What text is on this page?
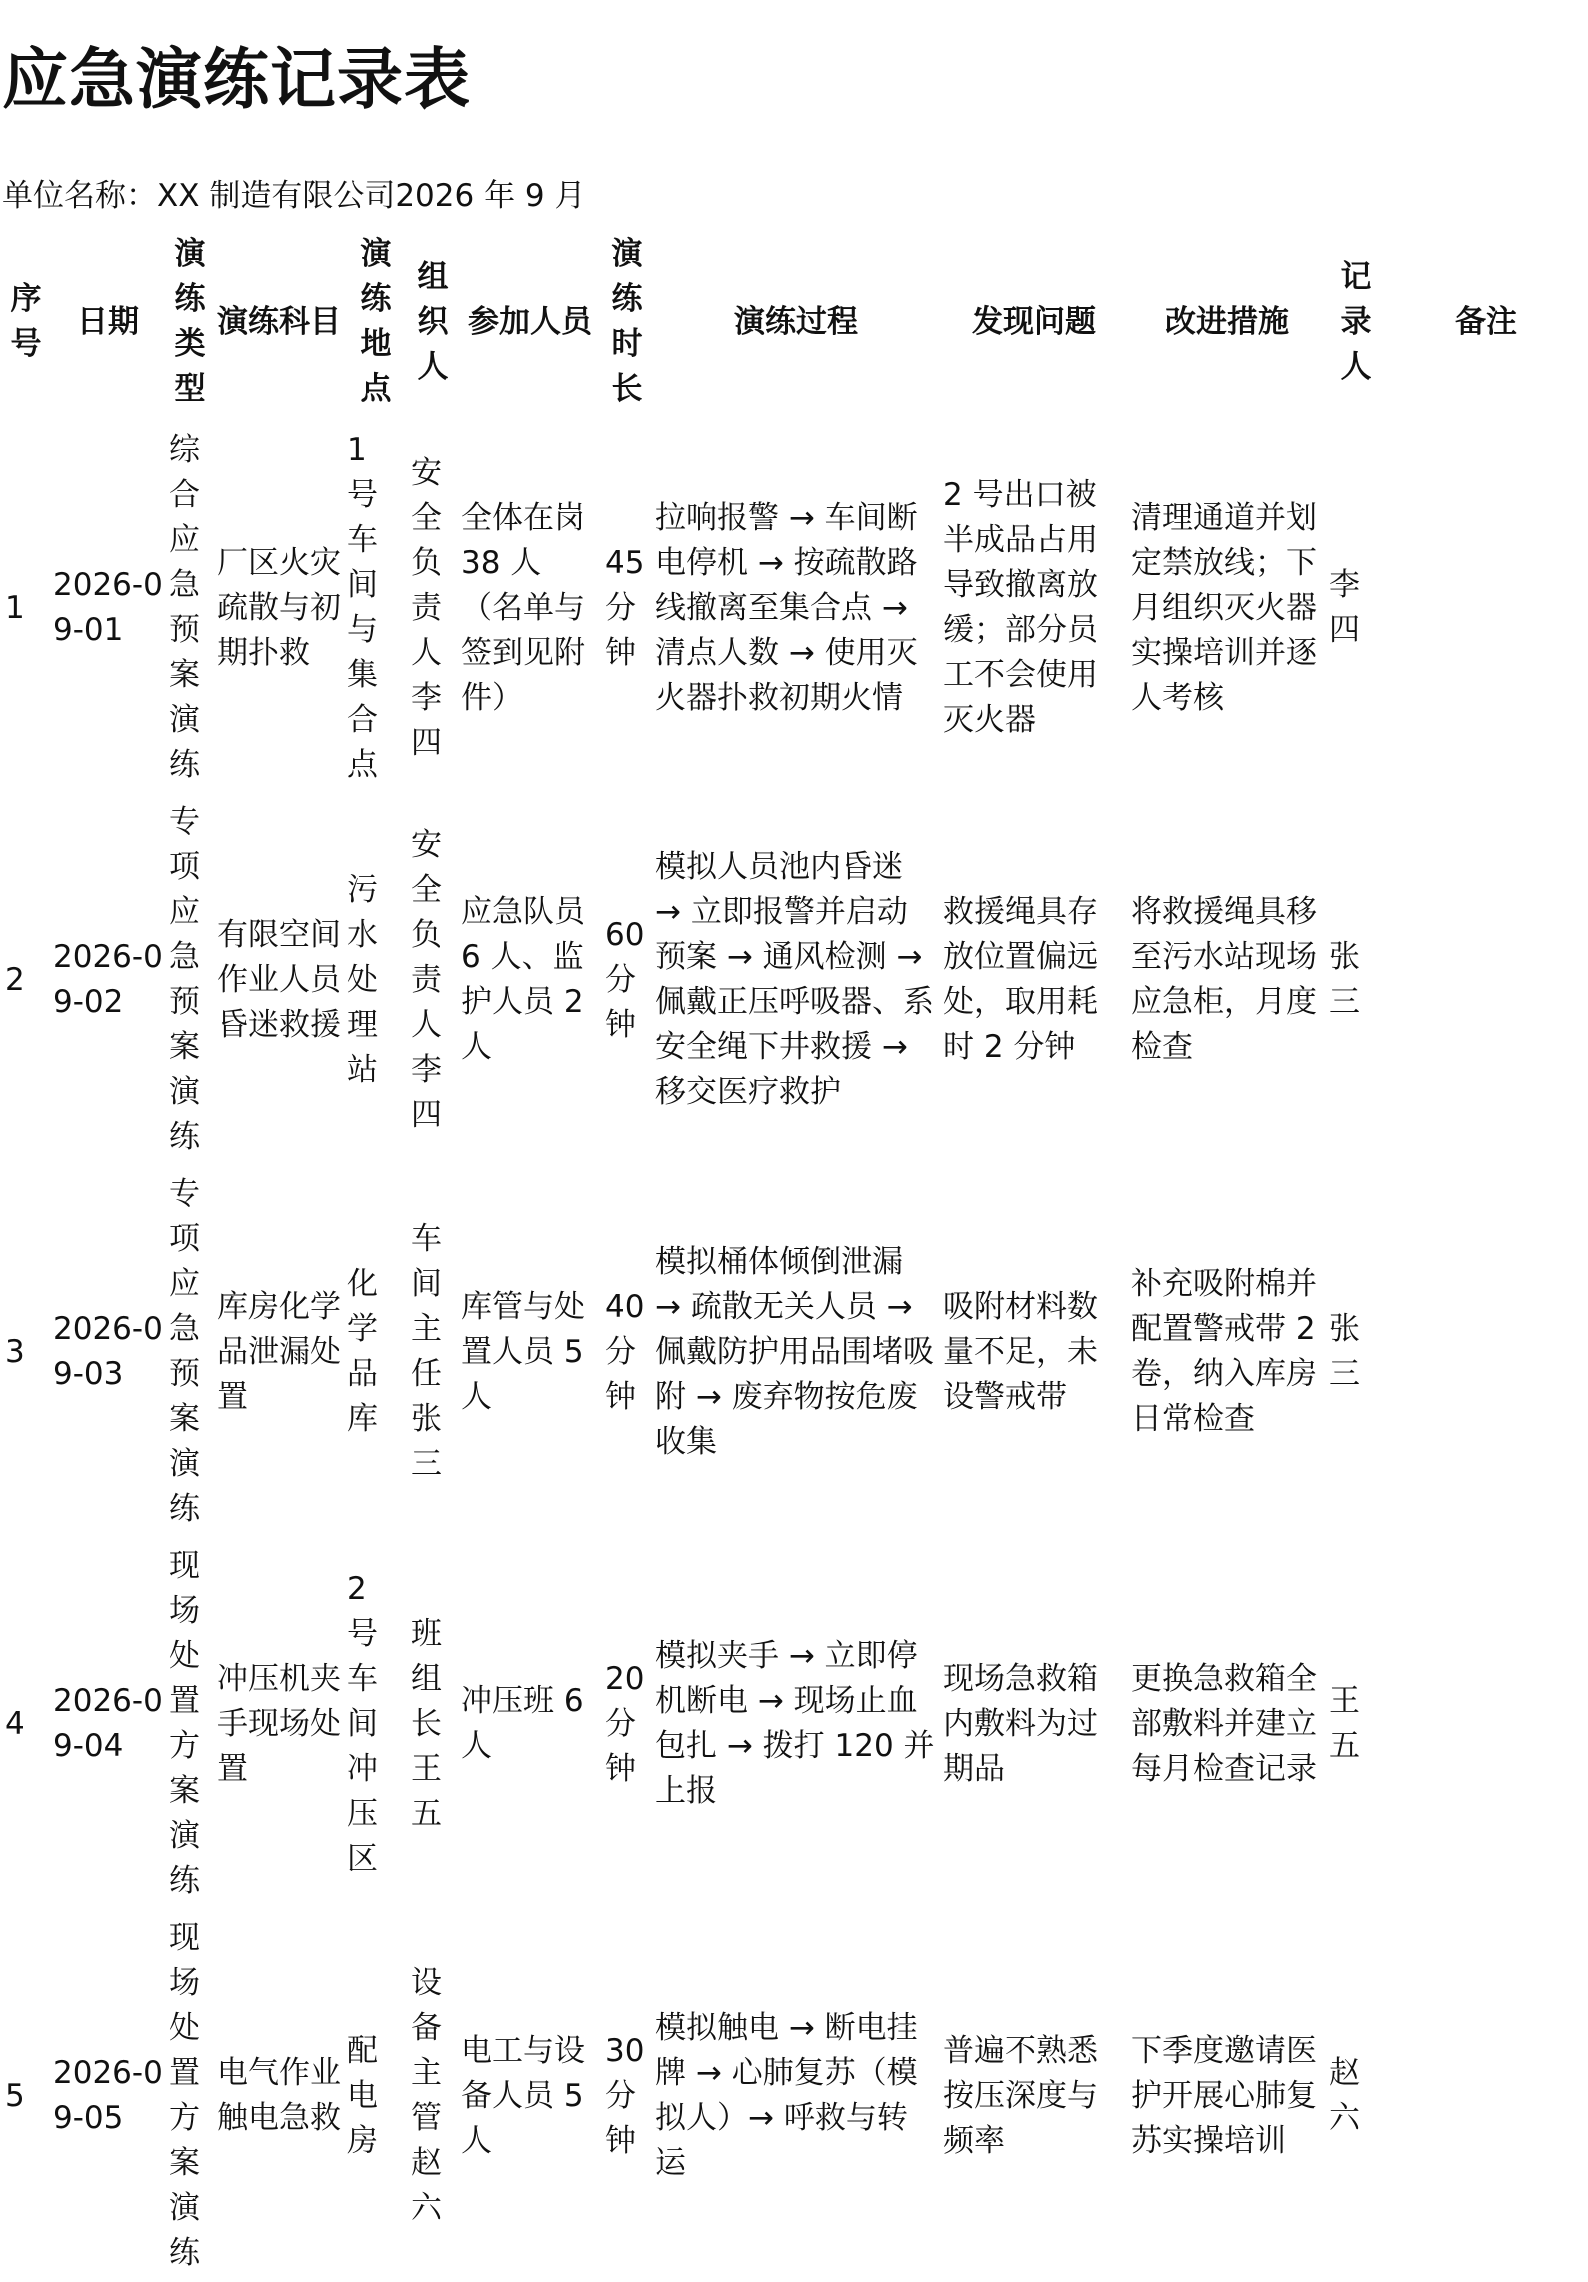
应急演练记录表

单位名称：XX 制造有限公司2026 年 9 月

序号	日期	演练类型	演练科目	演练地点	组织人	参加人员	演练时长	演练过程	发现问题	改进措施	记录人	备注
1	2026-09-01	综合应急预案演练	厂区火灾疏散与初期扑救	1 号车间与集合点	安全负责人李四	全体在岗 38 人（名单与签到见附件）	45 分钟	拉响报警 → 车间断电停机 → 按疏散路线撤离至集合点 → 清点人数 → 使用灭火器扑救初期火情	2 号出口被半成品占用导致撤离放缓；部分员工不会使用灭火器	清理通道并划定禁放线；下月组织灭火器实操培训并逐人考核	李四	
2	2026-09-02	专项应急预案演练	有限空间作业人员昏迷救援	污水处理站	安全负责人李四	应急队员 6 人、监护人员 2 人	60 分钟	模拟人员池内昏迷 → 立即报警并启动预案 → 通风检测 → 佩戴正压呼吸器、系安全绳下井救援 → 移交医疗救护	救援绳具存放位置偏远处，取用耗时 2 分钟	将救援绳具移至污水站现场应急柜，月度检查	张三	
3	2026-09-03	专项应急预案演练	库房化学品泄漏处置	化学品库	车间主任张三	库管与处置人员 5 人	40 分钟	模拟桶体倾倒泄漏 → 疏散无关人员 → 佩戴防护用品围堵吸附 → 废弃物按危废收集	吸附材料数量不足，未设警戒带	补充吸附棉并配置警戒带 2 卷，纳入库房日常检查	张三	
4	2026-09-04	现场处置方案演练	冲压机夹手现场处置	2 号车间冲压区	班组长王五	冲压班 6 人	20 分钟	模拟夹手 → 立即停机断电 → 现场止血包扎 → 拨打 120 并上报	现场急救箱内敷料为过期品	更换急救箱全部敷料并建立每月检查记录	王五	
5	2026-09-05	现场处置方案演练	电气作业触电急救	配电房	设备主管赵六	电工与设备人员 5 人	30 分钟	模拟触电 → 断电挂牌 → 心肺复苏（模拟人）→ 呼救与转运	普遍不熟悉按压深度与频率	下季度邀请医护开展心肺复苏实操培训	赵六	
